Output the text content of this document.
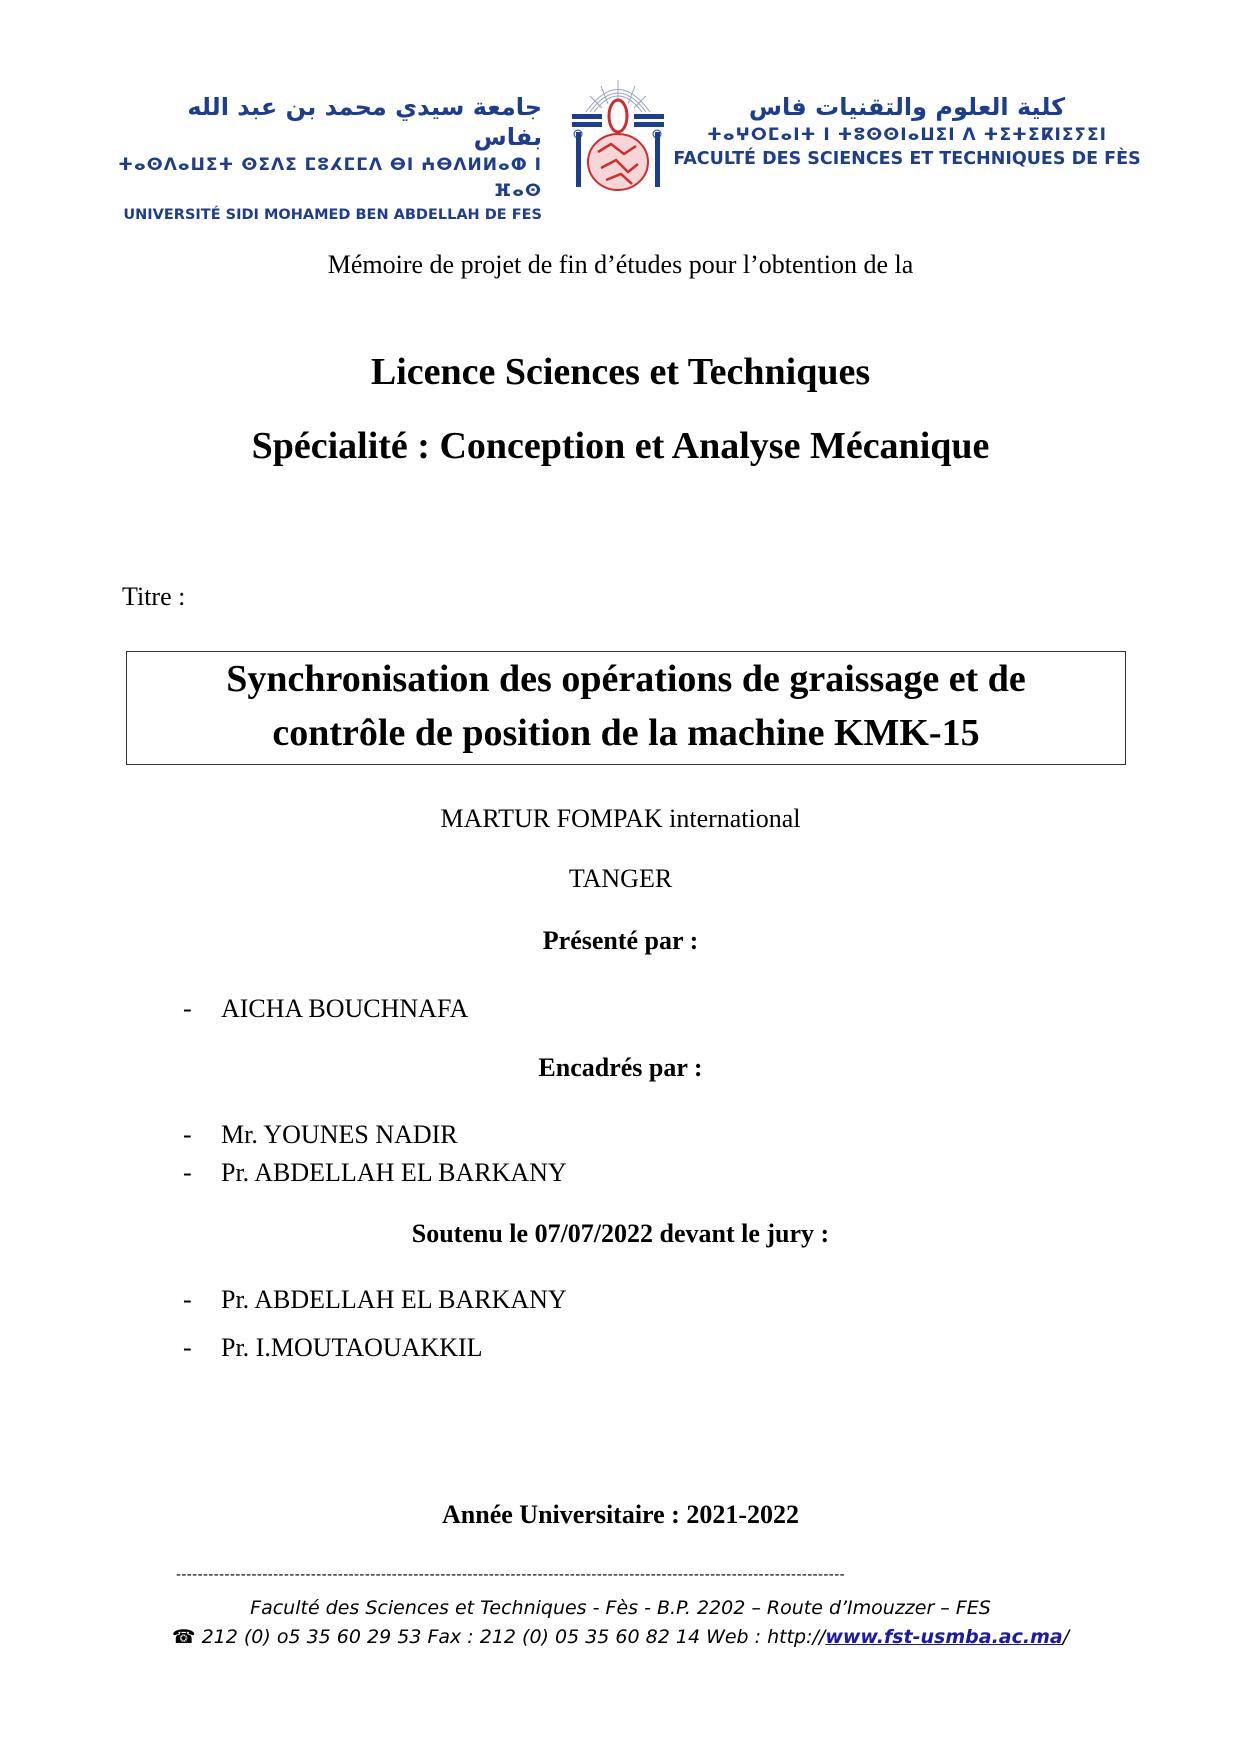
جامعة سيدي محمد بن عبد الله بفاس
ⵜⴰⵙⴷⴰⵡⵉⵜ ⵙⵉⴷⵉ ⵎⵓⵃⵎⵎⴷ ⴱⵏ ⵄⴱⴷⵍⵍⴰⵀ ⵏ ⴼⴰⵙ
UNIVERSITÉ SIDI MOHAMED BEN ABDELLAH DE FES
كلية العلوم والتقنيات فاس
ⵜⴰⵖⵔⵎⴰⵏⵜ ⵏ ⵜⵓⵙⵙⵏⴰⵡⵉⵏ ⴷ ⵜⵉⵜⵉⴽⵏⵉⵢⵉⵏ
FACULTÉ DES SCIENCES ET TECHNIQUES DE FÈS
Mémoire de projet de fin d’études pour l’obtention de la
Licence Sciences et Techniques
Spécialité : Conception et Analyse Mécanique
Titre :
Synchronisation des opérations de graissage et de
contrôle de position de la machine KMK-15
MARTUR FOMPAK international
TANGER
Présenté par :
- AICHA BOUCHNAFA
Encadrés par :
- Mr. YOUNES NADIR
- Pr. ABDELLAH EL BARKANY
Soutenu le 07/07/2022 devant le jury :
- Pr. ABDELLAH EL BARKANY
- Pr. I.MOUTAOUAKKIL
Année Universitaire : 2021-2022
----------------------------------------------------------------------------------------------------------------------------
Faculté des Sciences et Techniques - Fès - B.P. 2202 – Route d’Imouzzer – FES
☎ 212 (0) o5 35 60 29 53 Fax : 212 (0) 05 35 60 82 14 Web : http://www.fst-usmba.ac.ma/
